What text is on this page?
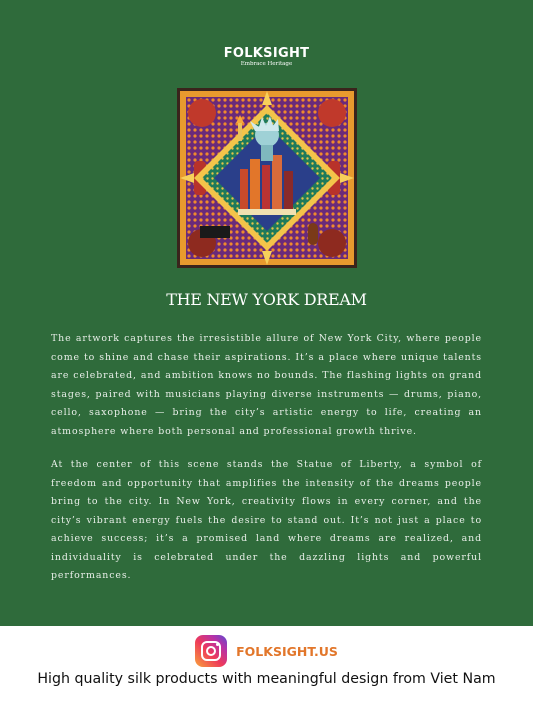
FOLKSIGHT
Embrace Heritage
THE NEW YORK DREAM

The artwork captures the irresistible allure of New York City, where people come to shine and chase their aspirations. It’s a place where unique talents are celebrated, and ambition knows no bounds. The flashing lights on grand stages, paired with musicians playing diverse instruments — drums, piano, cello, saxophone — bring the city’s artistic energy to life, creating an atmosphere where both personal and professional growth thrive.

At the center of this scene stands the Statue of Liberty, a symbol of freedom and opportunity that amplifies the intensity of the dreams people bring to the city. In New York, creativity flows in every corner, and the city’s vibrant energy fuels the desire to stand out. It’s not just a place to achieve success; it’s a promised land where dreams are realized, and individuality is celebrated under the dazzling lights and powerful performances.

FOLKSIGHT.US
High quality silk products with meaningful design from Viet Nam
